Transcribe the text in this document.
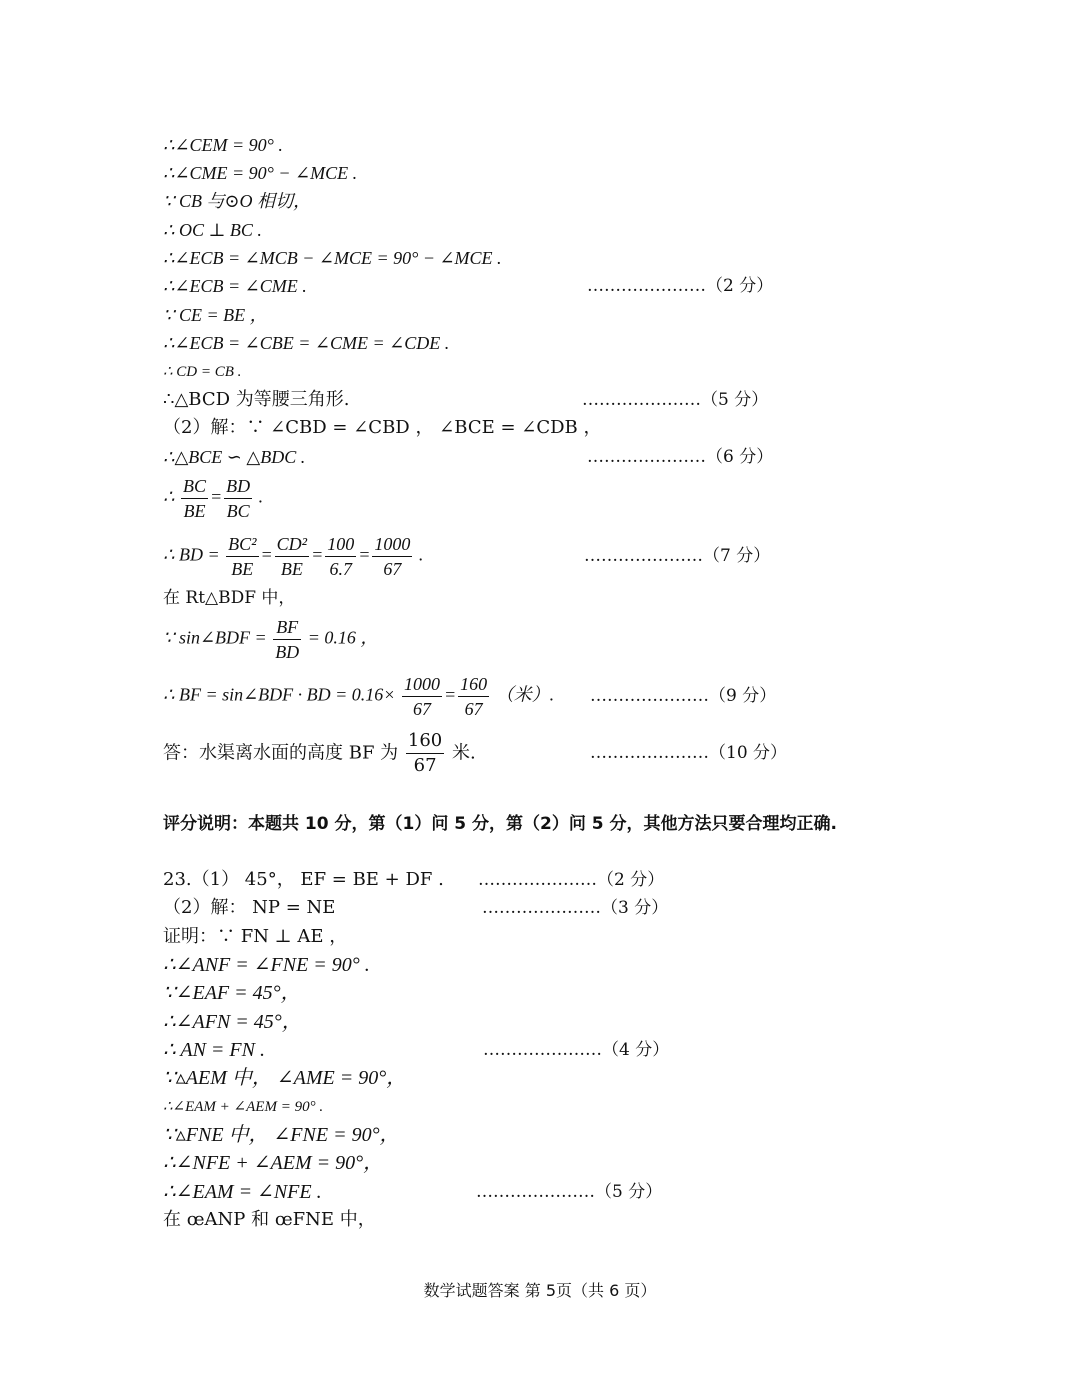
∴∠CEM = 90° .
∴∠CME = 90° − ∠MCE .
∵ CB 与⊙O 相切，
∴ OC ⊥ BC .
∴∠ECB = ∠MCB − ∠MCE = 90° − ∠MCE .
∴∠ECB = ∠CME .	…………………（2 分）
∵ CE = BE ，
∴∠ECB = ∠CBE = ∠CME = ∠CDE .
∴ CD = CB .
∴△BCD 为等腰三角形.	…………………（5 分）
（2）解：∵ ∠CBD = ∠CBD ， ∠BCE = ∠CDB ，
∴△BCE ∽ △BDC .	…………………（6 分）
∴ $\frac{BC}{BE} = \frac{BD}{BC}$ .
∴ BD = $\frac{\text{BC²}}{BE} = \frac{\text{CD²}}{BE} = \frac{100}{6.7} = \frac{1000}{67}$ .	…………………（7 分）
在 Rt△BDF 中，
∵ sin∠BDF = $\frac{BF}{BD} = 0.16$ ，
∴ BF = sin∠BDF · BD = $0.16\times \frac{1000}{67} = \frac{160}{67}$ （米）. …………………（9 分）
答：水渠离水面的高度 BF 为 $\frac{160}{67}$ 米.	…………………（10 分）
评分说明：本题共 10 分，第（1）问 5 分，第（2）问 5 分，其他方法只要合理均正确.
23.（1） 45°， EF = BE + DF . …………………（2 分）
（2）解： NP = NE	…………………（3 分）
证明：∵ FN ⊥ AE ，
∴∠ANF = ∠FNE = 90° .
∵∠EAF = 45°，
∴∠AFN = 45°，
∴ AN = FN .	…………………（4 分）
∵▵AEM 中， ∠AME = 90°，
∴∠EAM + ∠AEM = 90° .
∵▵FNE 中， ∠FNE = 90°，
∴∠NFE + ∠AEM = 90°，
∴∠EAM = ∠NFE .	…………………（5 分）
在 œANP 和 œFNE 中，
数学试题答案 第 5页（共 6 页）
